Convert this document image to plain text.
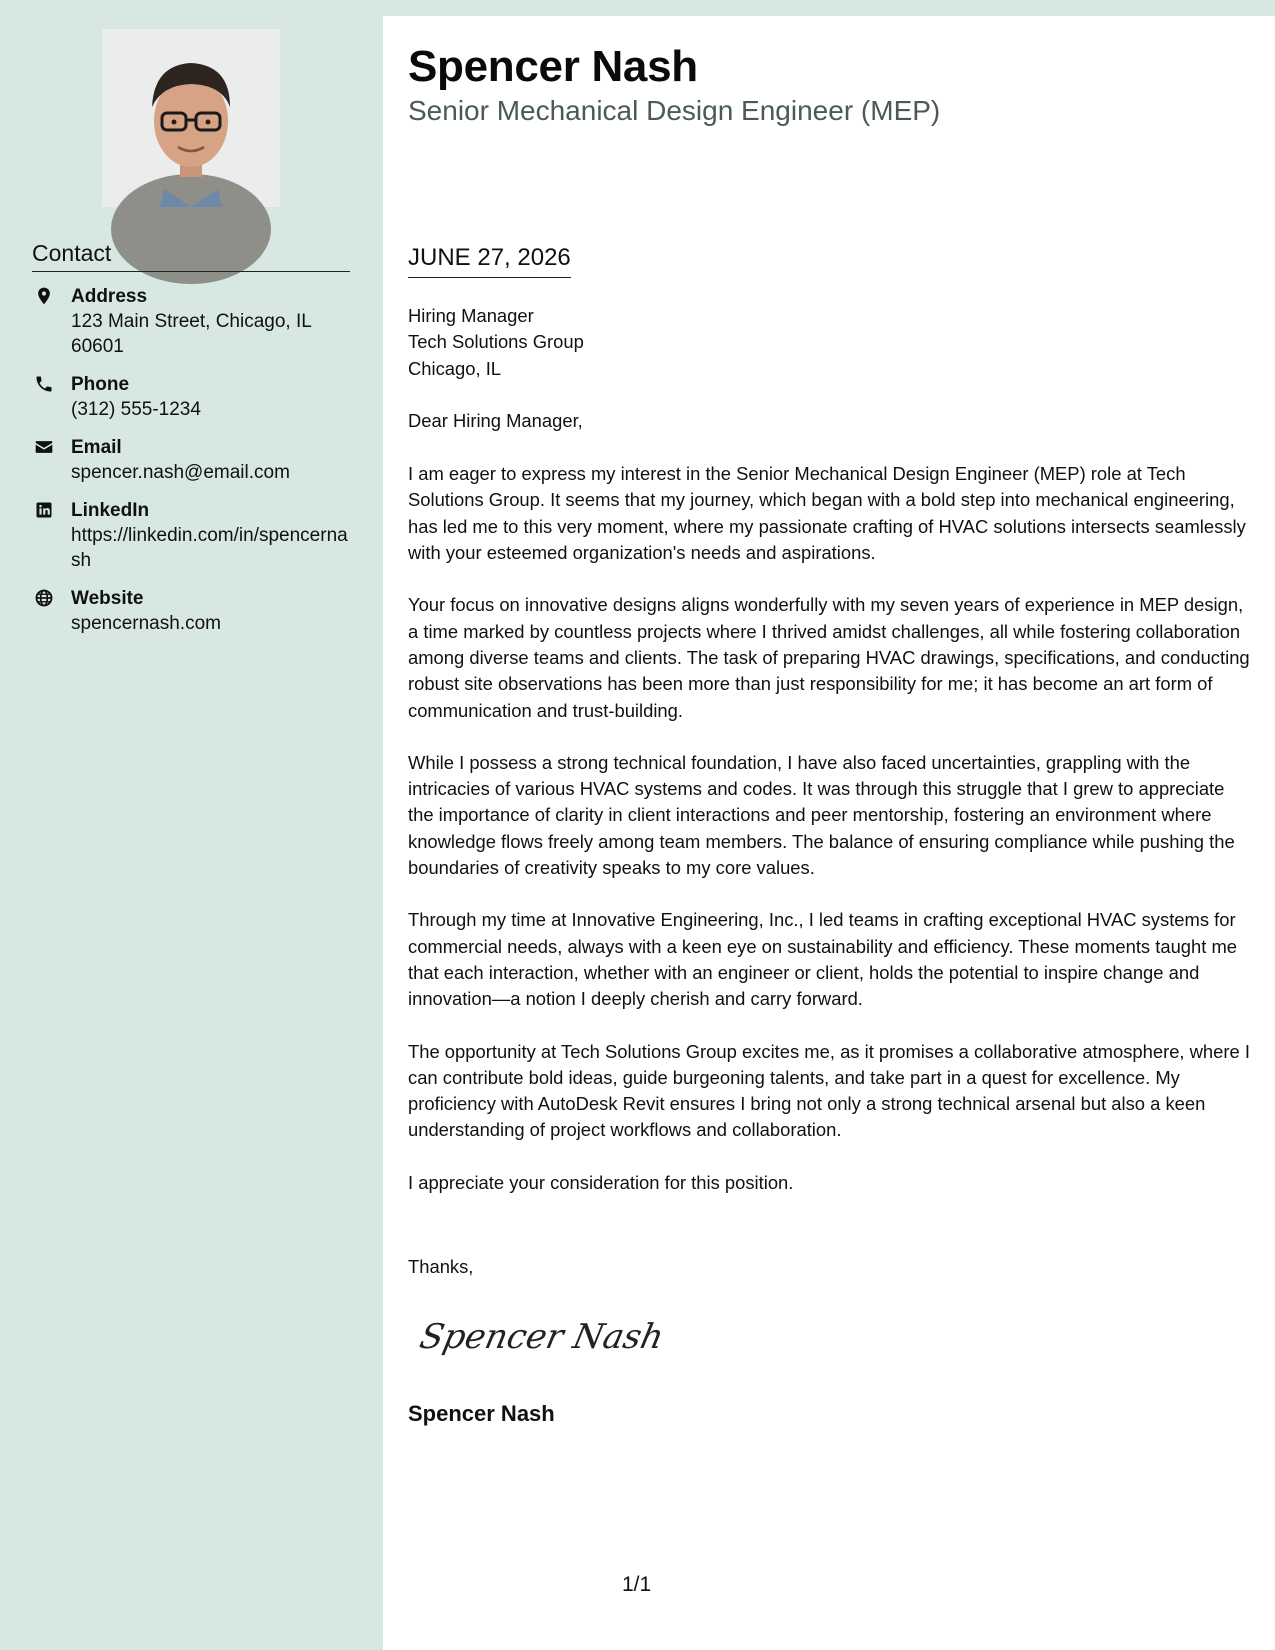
Contact
Address
123 Main Street, Chicago, IL 60601
Phone
(312) 555-1234
Email
spencer.nash@email.com
LinkedIn
https://linkedin.com/in/spencernash
Website
spencernash.com
Spencer Nash
Senior Mechanical Design Engineer (MEP)
JUNE 27, 2026

Hiring Manager
Tech Solutions Group
Chicago, IL

Dear Hiring Manager,

I am eager to express my interest in the Senior Mechanical Design Engineer (MEP) role at Tech Solutions Group. It seems that my journey, which began with a bold step into mechanical engineering, has led me to this very moment, where my passionate crafting of HVAC solutions intersects seamlessly with your esteemed organization's needs and aspirations.

Your focus on innovative designs aligns wonderfully with my seven years of experience in MEP design, a time marked by countless projects where I thrived amidst challenges, all while fostering collaboration among diverse teams and clients. The task of preparing HVAC drawings, specifications, and conducting robust site observations has been more than just responsibility for me; it has become an art form of communication and trust-building.

While I possess a strong technical foundation, I have also faced uncertainties, grappling with the intricacies of various HVAC systems and codes. It was through this struggle that I grew to appreciate the importance of clarity in client interactions and peer mentorship, fostering an environment where knowledge flows freely among team members. The balance of ensuring compliance while pushing the boundaries of creativity speaks to my core values.

Through my time at Innovative Engineering, Inc., I led teams in crafting exceptional HVAC systems for commercial needs, always with a keen eye on sustainability and efficiency. These moments taught me that each interaction, whether with an engineer or client, holds the potential to inspire change and innovation—a notion I deeply cherish and carry forward.

The opportunity at Tech Solutions Group excites me, as it promises a collaborative atmosphere, where I can contribute bold ideas, guide burgeoning talents, and take part in a quest for excellence. My proficiency with AutoDesk Revit ensures I bring not only a strong technical arsenal but also a keen understanding of project workflows and collaboration.

I appreciate your consideration for this position.

Thanks,
Spencer Nash
Spencer Nash
1/1
